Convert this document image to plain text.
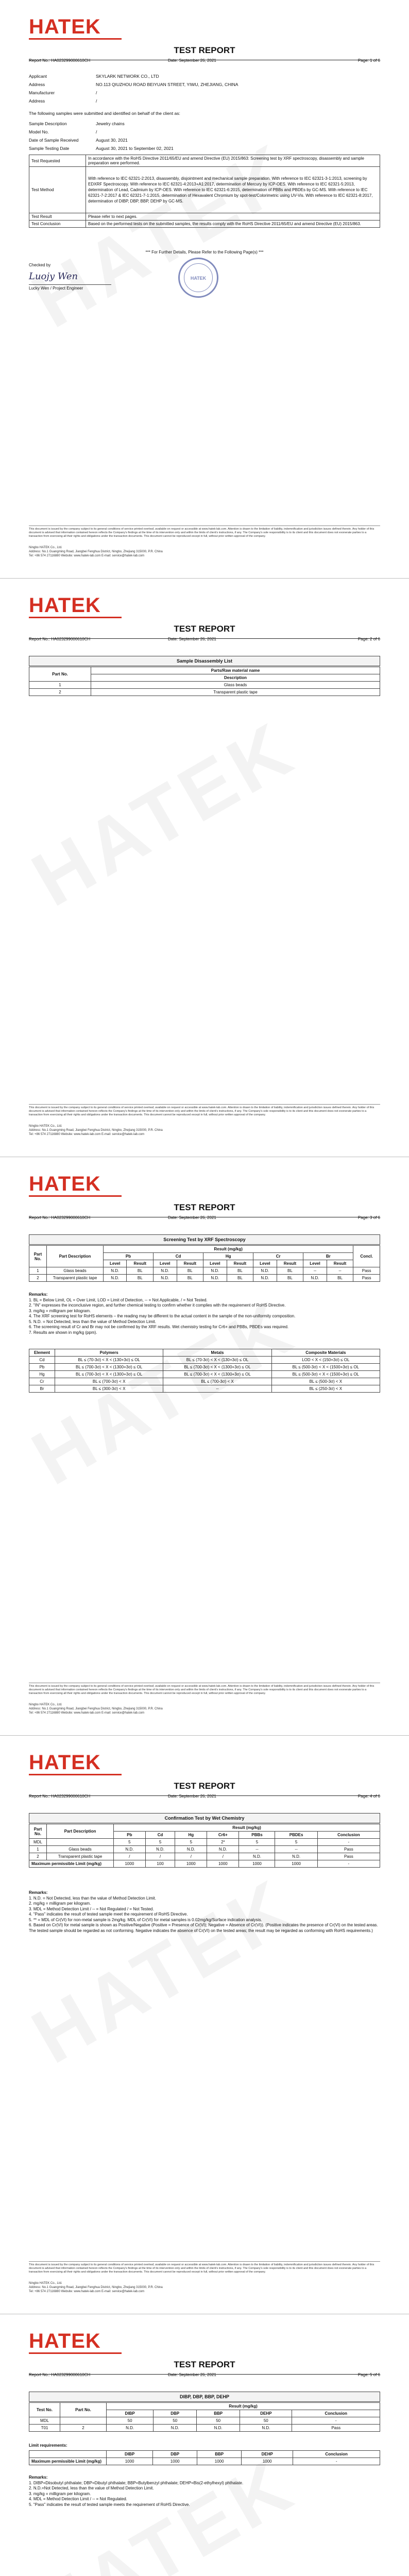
HATEK
TEST REPORT
Report No.: HA023299000610CH	Date: September 26, 2021	Page: 1 of 6
Applicant	SKYLARK NETWORK CO., LTD
Address	NO.113 QIUZHOU ROAD BEIYUAN STREET, YIWU, ZHEJIANG, CHINA
Manufacturer	/
Address	/
The following samples were submitted and identified on behalf of the client as:
Sample Description	Jewelry chains
Model No.	/
Date of Sample Received	August 30, 2021
Sample Testing Date	August 30, 2021 to September 02, 2021
Test Requested	In accordance with the RoHS Directive 2011/65/EU and amend Directive (EU) 2015/863: Screening test by XRF spectroscopy, disassembly and sample preparation were performed.
Test Method	With reference to IEC 62321-2:2013, disassembly, disjointment and mechanical sample preparation. With reference to IEC 62321-3-1:2013, screening by EDXRF Spectroscopy. With reference to IEC 62321-4:2013+A1:2017, determination of Mercury by ICP-OES. With reference to IEC 62321-5:2013, determination of Lead, Cadmium by ICP-OES. With reference to IEC 62321-6:2015, determination of PBBs and PBDEs by GC-MS. With reference to IEC 62321-7-2:2017 & IEC 62321-7-1:2015, determination of Hexavalent Chromium by spot-test/Colorimetric using UV-Vis. With reference to IEC 62321-8:2017, determination of DIBP, DBP, BBP, DEHP by GC-MS.
Test Result	Please refer to next pages.
Test Conclusion	Based on the performed tests on the submitted samples, the results comply with the RoHS Directive 2011/65/EU and amend Directive (EU) 2015/863.
*** For Further Details, Please Refer to the Following Page(s) ***
Checked by
Luojy Wen
Lucky Wen / Project Engineer
HATEK
This document is issued by the company subject to its general conditions of service printed overleaf, available on request or accessible at www.hatek-lab.com. Attention is drawn to the limitation of liability, indemnification and jurisdiction issues defined therein. Any holder of this document is advised that information contained hereon reflects the Company's findings at the time of its intervention only and within the limits of client's instructions, if any. The Company's sole responsibility is to its client and this document does not exonerate parties to a transaction from exercising all their rights and obligations under the transaction documents. This document cannot be reproduced except in full, without prior written approval of the company.
Ningbo HATEK Co., Ltd.
Address: No.1 Guangming Road, Jiangbei Fenghua District, Ningbo, Zhejiang 315000, P.R. China
Tel: +86 574 27116880 Website: www.hatek-lab.com E-mail: service@hatek-lab.com
HATEK
TEST REPORT
Report No.: HA023299000610CH	Date: September 26, 2021	Page: 2 of 6
Sample Disassembly List
Part No.	Parts/Raw material name
	Description
1	Glass beads
2	Transparent plastic tape
This document is issued by the company subject to its general conditions of service printed overleaf, available on request or accessible at www.hatek-lab.com. Attention is drawn to the limitation of liability, indemnification and jurisdiction issues defined therein. Any holder of this document is advised that information contained hereon reflects the Company's findings at the time of its intervention only and within the limits of client's instructions, if any. The Company's sole responsibility is to its client and this document does not exonerate parties to a transaction from exercising all their rights and obligations under the transaction documents. This document cannot be reproduced except in full, without prior written approval of the company.
Ningbo HATEK Co., Ltd.
Address: No.1 Guangming Road, Jiangbei Fenghua District, Ningbo, Zhejiang 315000, P.R. China
Tel: +86 574 27116880 Website: www.hatek-lab.com E-mail: service@hatek-lab.com
HATEK
TEST REPORT
Report No.: HA023299000610CH	Date: September 26, 2021	Page: 3 of 6
Screening Test by XRF Spectroscopy
Part No.	Part Description	Result (mg/kg)										Concl.
		Pb		Cd		Hg		Cr		Br		
		Level	Result	Level	Result	Level	Result	Level	Result	Level	Result	
1	Glass beads	N.D.	BL	N.D.	BL	N.D.	BL	N.D.	BL	--	--	Pass
2	Transparent plastic tape	N.D.	BL	N.D.	BL	N.D.	BL	N.D.	BL	N.D.	BL	Pass
Remarks:
1. BL = Below Limit, OL = Over Limit, LOD = Limit of Detection, -- = Not Applicable, / = Not Tested.
2. "IN" expresses the inconclusive region, and further chemical testing to confirm whether it complies with the requirement of RoHS Directive.
3. mg/kg = milligram per kilogram.
4. The XRF screening test for RoHS elements – the reading may be different to the actual content in the sample of the non-uniformity composition.
5. N.D. = Not Detected, less than the value of Method Detection Limit.
6. The screening result of Cr and Br may not be confirmed by the XRF results. Wet chemistry testing for Cr6+ and PBBs, PBDEs was required.
7. Results are shown in mg/kg (ppm).
Element	Polymers	Metals	Composite Materials
Cd	BL ≤ (70-3σ) < X < (130+3σ) ≤ OL	BL ≤ (70-3σ) < X < (130+3σ) ≤ OL	LOD < X < (150+3σ) ≤ OL
Pb	BL ≤ (700-3σ) < X < (1300+3σ) ≤ OL	BL ≤ (700-3σ) < X < (1300+3σ) ≤ OL	BL ≤ (500-3σ) < X < (1500+3σ) ≤ OL
Hg	BL ≤ (700-3σ) < X < (1300+3σ) ≤ OL	BL ≤ (700-3σ) < X < (1300+3σ) ≤ OL	BL ≤ (500-3σ) < X < (1500+3σ) ≤ OL
Cr	BL ≤ (700-3σ) < X	BL ≤ (700-3σ) < X	BL ≤ (500-3σ) < X
Br	BL ≤ (300-3σ) < X	--	BL ≤ (250-3σ) < X
This document is issued by the company subject to its general conditions of service printed overleaf, available on request or accessible at www.hatek-lab.com. Attention is drawn to the limitation of liability, indemnification and jurisdiction issues defined therein. Any holder of this document is advised that information contained hereon reflects the Company's findings at the time of its intervention only and within the limits of client's instructions, if any. The Company's sole responsibility is to its client and this document does not exonerate parties to a transaction from exercising all their rights and obligations under the transaction documents. This document cannot be reproduced except in full, without prior written approval of the company.
Ningbo HATEK Co., Ltd.
Address: No.1 Guangming Road, Jiangbei Fenghua District, Ningbo, Zhejiang 315000, P.R. China
Tel: +86 574 27116880 Website: www.hatek-lab.com E-mail: service@hatek-lab.com
HATEK
TEST REPORT
Report No.: HA023299000610CH	Date: September 26, 2021	Page: 4 of 6
Confirmation Test by Wet Chemistry
Part No.	Part Description	Result (mg/kg)						
		Pb	Cd	Hg	Cr6+	PBBs	PBDEs	Conclusion
MDL		5	5	5	2*	5	5	-
1	Glass beads	N.D.	N.D.	N.D.	N.D.	--	--	Pass
2	Transparent plastic tape	/	/	/	/	N.D.	N.D.	Pass
Maximum permissible Limit (mg/kg)		1000	100	1000	1000	1000	1000	-
Remarks:
1. N.D. = Not Detected, less than the value of Method Detection Limit.
2. mg/kg = milligram per kilogram.
3. MDL = Method Detection Limit / -- = Not Regulated / = Not Tested.
4. "Pass" indicates the result of tested sample meet the requirement of RoHS Directive.
5. ** = MDL of Cr(VI) for non-metal sample is 2mg/kg. MDL of Cr(VI) for metal samples is 0.02mg/kg/Surface indication analysis.
6. Based on Cr(VI) for metal sample is shown as Positive/Negative (Positive = Presence of Cr(VI); Negative = Absence of Cr(VI)). (Positive indicates the presence of Cr(VI) on the tested areas. The tested sample should be regarded as not conforming. Negative indicates the absence of Cr(VI) on the tested areas; the result may be regarded as conforming with RoHS requirements.)
This document is issued by the company subject to its general conditions of service printed overleaf, available on request or accessible at www.hatek-lab.com. Attention is drawn to the limitation of liability, indemnification and jurisdiction issues defined therein. Any holder of this document is advised that information contained hereon reflects the Company's findings at the time of its intervention only and within the limits of client's instructions, if any. The Company's sole responsibility is to its client and this document does not exonerate parties to a transaction from exercising all their rights and obligations under the transaction documents. This document cannot be reproduced except in full, without prior written approval of the company.
Ningbo HATEK Co., Ltd.
Address: No.1 Guangming Road, Jiangbei Fenghua District, Ningbo, Zhejiang 315000, P.R. China
Tel: +86 574 27116880 Website: www.hatek-lab.com E-mail: service@hatek-lab.com
HATEK
TEST REPORT
Report No.: HA023299000610CH	Date: September 26, 2021	Page: 5 of 6
DIBP, DBP, BBP, DEHP
Test No.	Part No.	Result (mg/kg)				
		DIBP	DBP	BBP	DEHP	Conclusion
MDL		50	50	50	50	-
T01	2	N.D.	N.D.	N.D.	N.D.	Pass
Limit requirements:
	DIBP	DBP	BBP	DEHP	Conclusion
Maximum permissible Limit (mg/kg)	1000	1000	1000	1000	-
Remarks:
1. DIBP=Diisobutyl phthalate; DBP=Dibutyl phthalate; BBP=Butylbenzyl phthalate; DEHP=Bis(2-ethylhexyl) phthalate.
2. N.D.=Not Detected, less than the value of Method Detection Limit.
3. mg/kg = milligram per kilogram.
4. MDL = Method Detection Limit / -- = Not Regulated.
5. "Pass" indicates the result of tested sample meets the requirement of RoHS Directive.
